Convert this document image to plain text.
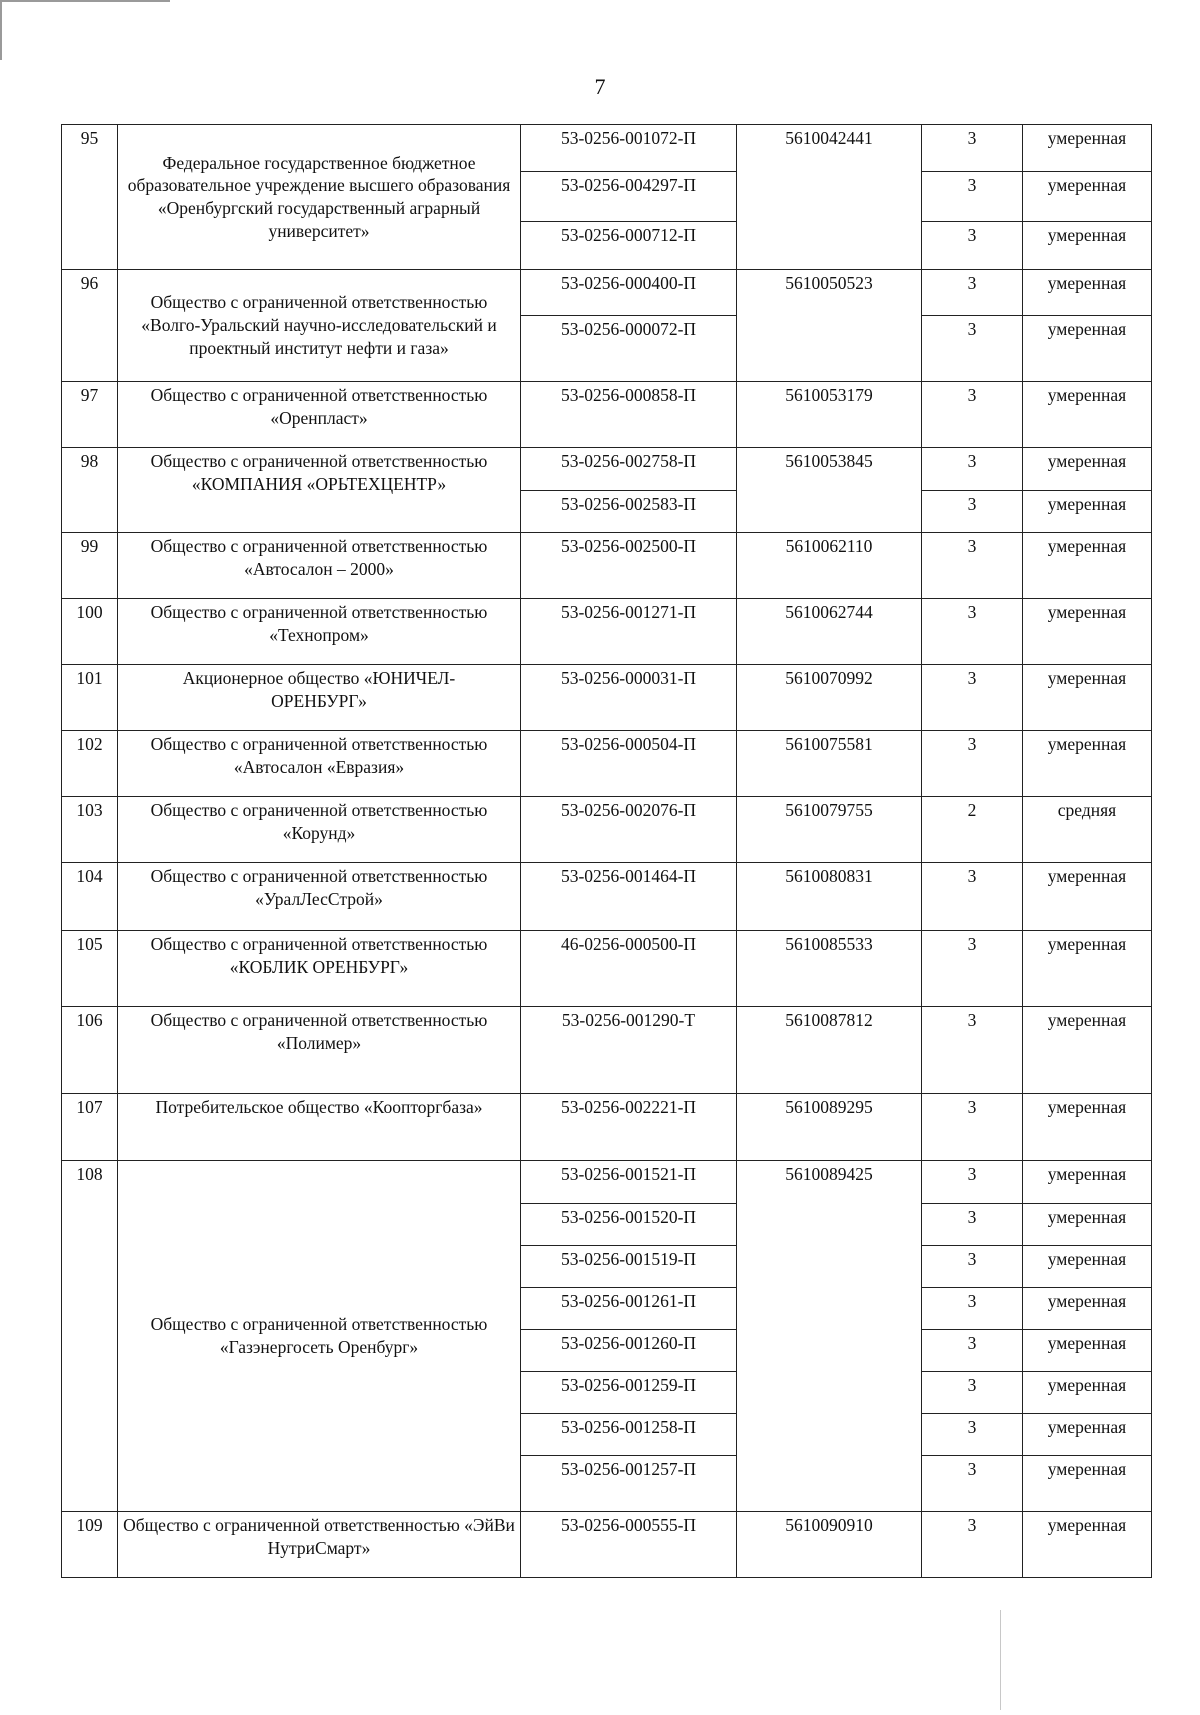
7
95	Федеральное государственное бюджетное образовательное учреждение высшего образования «Оренбургский государственный аграрный университет»	53-0256-001072-П	5610042441	3	умеренная
		53-0256-004297-П		3	умеренная
		53-0256-000712-П		3	умеренная
96	Общество с ограниченной ответственностью «Волго-Уральский научно-исследовательский и проектный институт нефти и газа»	53-0256-000400-П	5610050523	3	умеренная
		53-0256-000072-П		3	умеренная
97	Общество с ограниченной ответственностью «Оренпласт»	53-0256-000858-П	5610053179	3	умеренная
98	Общество с ограниченной ответственностью «КОМПАНИЯ «ОРЬТЕХЦЕНТР»	53-0256-002758-П	5610053845	3	умеренная
		53-0256-002583-П		3	умеренная
99	Общество с ограниченной ответственностью «Автосалон – 2000»	53-0256-002500-П	5610062110	3	умеренная
100	Общество с ограниченной ответственностью «Технопром»	53-0256-001271-П	5610062744	3	умеренная
101	Акционерное общество «ЮНИЧЕЛ-ОРЕНБУРГ»	53-0256-000031-П	5610070992	3	умеренная
102	Общество с ограниченной ответственностью «Автосалон «Евразия»	53-0256-000504-П	5610075581	3	умеренная
103	Общество с ограниченной ответственностью «Корунд»	53-0256-002076-П	5610079755	2	средняя
104	Общество с ограниченной ответственностью «УралЛесСтрой»	53-0256-001464-П	5610080831	3	умеренная
105	Общество с ограниченной ответственностью «КОБЛИК ОРЕНБУРГ»	46-0256-000500-П	5610085533	3	умеренная
106	Общество с ограниченной ответственностью «Полимер»	53-0256-001290-Т	5610087812	3	умеренная
107	Потребительское общество «Коопторгбаза»	53-0256-002221-П	5610089295	3	умеренная
108	Общество с ограниченной ответственностью «Газэнергосеть Оренбург»	53-0256-001521-П	5610089425	3	умеренная
		53-0256-001520-П		3	умеренная
		53-0256-001519-П		3	умеренная
		53-0256-001261-П		3	умеренная
		53-0256-001260-П		3	умеренная
		53-0256-001259-П		3	умеренная
		53-0256-001258-П		3	умеренная
		53-0256-001257-П		3	умеренная
109	Общество с ограниченной ответственностью «ЭйВи НутриСмарт»	53-0256-000555-П	5610090910	3	умеренная
